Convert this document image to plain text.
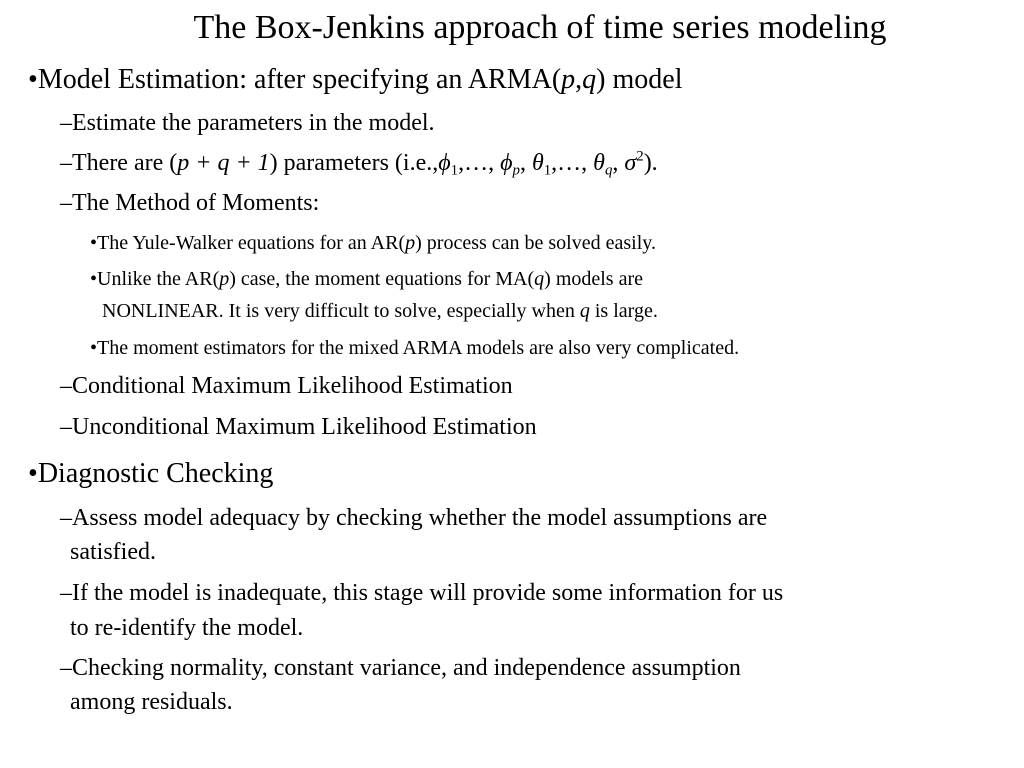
The Box-Jenkins approach of time series modeling
•Model Estimation: after specifying an ARMA(p,q) model
–Estimate the parameters in the model.
–There are (p + q + 1) parameters ($i.e.,\phi_1,\dots$, $\phi_p$, $\theta_1,\dots$, $\theta_q$, $\sigma^2$).
–The Method of Moments:
•The Yule-Walker equations for an AR(p) process can be solved easily.
•Unlike the AR(p) case, the moment equations for MA(q) models are
NONLINEAR. It is very difficult to solve, especially when q is large.
•The moment estimators for the mixed ARMA models are also very complicated.
–Conditional Maximum Likelihood Estimation
–Unconditional Maximum Likelihood Estimation
•Diagnostic Checking
–Assess model adequacy by checking whether the model assumptions are
satisfied.
–If the model is inadequate, this stage will provide some information for us
to re-identify the model.
–Checking normality, constant variance, and independence assumption
among residuals.
